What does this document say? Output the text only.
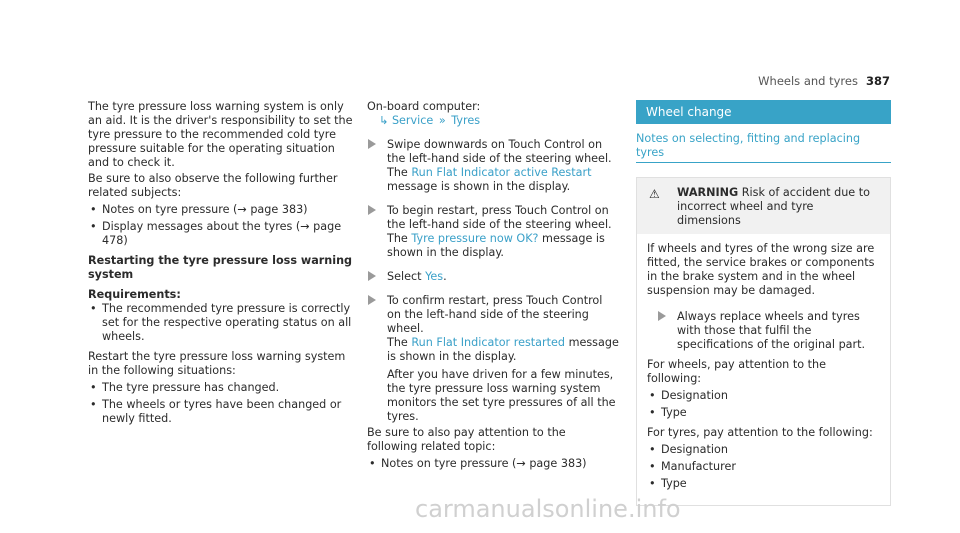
Wheels and tyres 387

The tyre pressure loss warning system is only an aid. It is the driver's responsibility to set the tyre pressure to the recommended cold tyre pressure suitable for the operating situation and to check it.

Be sure to also observe the following further related subjects:

• Notes on tyre pressure (→ page 383)
• Display messages about the tyres (→ page 478)

Restarting the tyre pressure loss warning system

Requirements:

• The recommended tyre pressure is correctly set for the respective operating status on all wheels.

Restart the tyre pressure loss warning system in the following situations:

• The tyre pressure has changed.
• The wheels or tyres have been changed or newly fitted.

On-board computer:

↳ Service » Tyres

Swipe downwards on Touch Control on the left-hand side of the steering wheel.

The Run Flat Indicator active Restart message is shown in the display.

To begin restart, press Touch Control on the left-hand side of the steering wheel.

The Tyre pressure now OK? message is shown in the display.

Select Yes.

To confirm restart, press Touch Control on the left-hand side of the steering wheel.

The Run Flat Indicator restarted message is shown in the display.

After you have driven for a few minutes, the tyre pressure loss warning system monitors the set tyre pressures of all the tyres.

Be sure to also pay attention to the following related topic:

• Notes on tyre pressure (→ page 383)
Wheel change
Notes on selecting, fitting and replacing tyres
⚠ WARNING Risk of accident due to incorrect wheel and tyre dimensions

If wheels and tyres of the wrong size are fitted, the service brakes or components in the brake system and in the wheel suspension may be damaged.

Always replace wheels and tyres with those that fulfil the specifications of the original part.

For wheels, pay attention to the following:

• Designation
• Type

For tyres, pay attention to the following:

• Designation
• Manufacturer
• Type
carmanualsonline.info
